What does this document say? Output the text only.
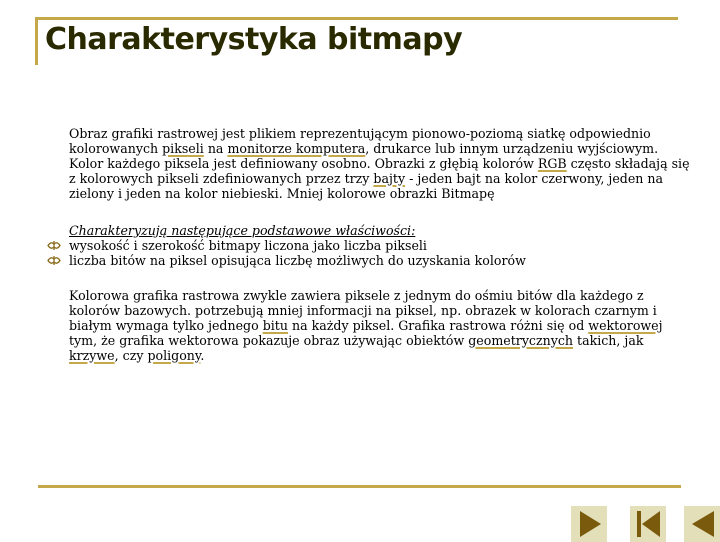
Charakterystyka bitmapy

Obraz grafiki rastrowej jest plikiem reprezentującym pionowo-poziomą siatkę odpowiednio kolorowanych pikseli na monitorze komputera, drukarce lub innym urządzeniu wyjściowym. Kolor każdego piksela jest definiowany osobno. Obrazki z głębią kolorów RGB często składają się z kolorowych pikseli zdefiniowanych przez trzy bajty - jeden bajt na kolor czerwony, jeden na zielony i jeden na kolor niebieski. Mniej kolorowe obrazki Bitmapę

Charakteryzują następujące podstawowe właściwości:

wysokość i szerokość bitmapy liczona jako liczba pikseli
liczba bitów na piksel opisująca liczbę możliwych do uzyskania kolorów

Kolorowa grafika rastrowa zwykle zawiera piksele z jednym do ośmiu bitów dla każdego z kolorów bazowych. potrzebują mniej informacji na piksel, np. obrazek w kolorach czarnym i białym wymaga tylko jednego bitu na każdy piksel. Grafika rastrowa różni się od wektorowej tym, że grafika wektorowa pokazuje obraz używając obiektów geometrycznych takich, jak krzywe, czy poligony.
